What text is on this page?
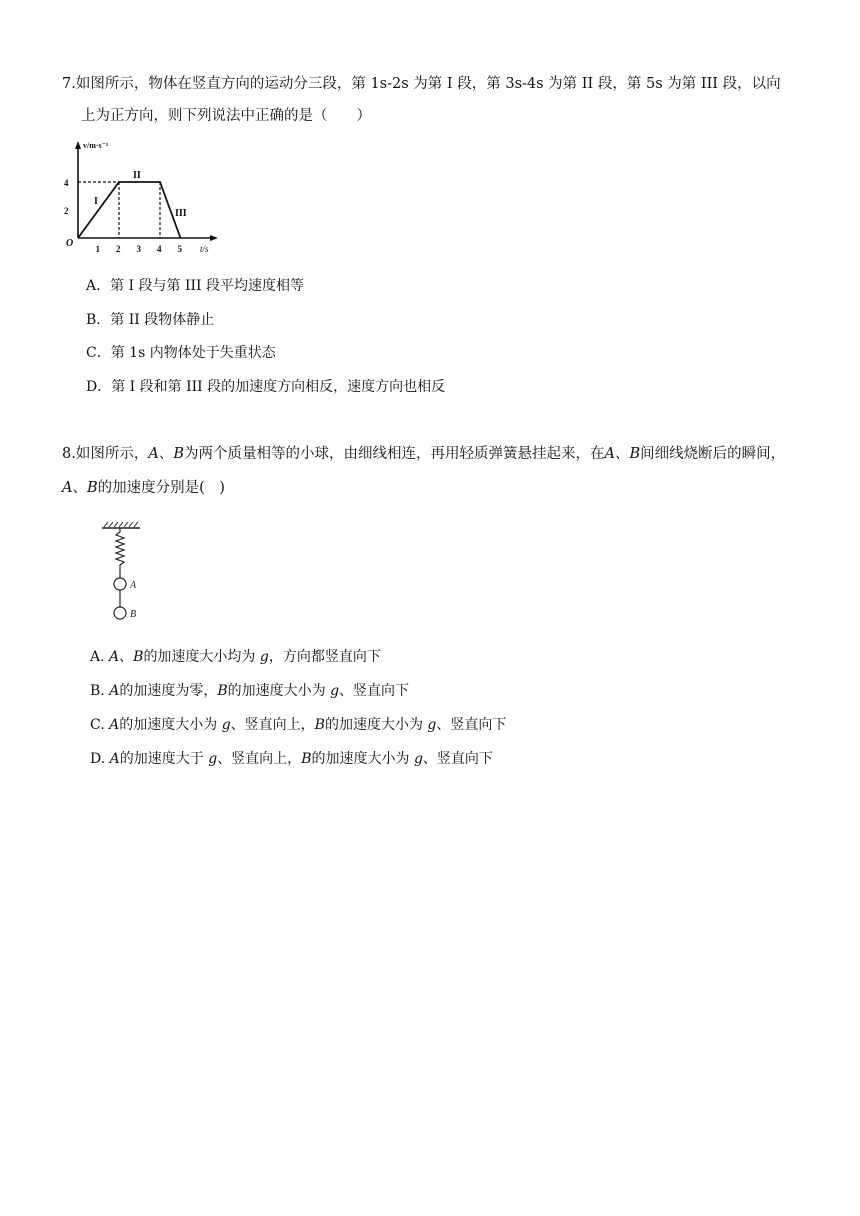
7.如图所示，物体在竖直方向的运动分三段，第 1s-2s 为第 I 段，第 3s-4s 为第 II 段，第 5s 为第 III 段，以向
上为正方向，则下列说法中正确的是（　　）
v/m·s⁻¹
t/s
O 1 2 3 4 5
2
4
I
II
III
A．第 I 段与第 III 段平均速度相等
B．第 II 段物体静止
C．第 1s 内物体处于失重状态
D．第 I 段和第 III 段的加速度方向相反，速度方向也相反
8.如图所示，A、B为两个质量相等的小球，由细线相连，再用轻质弹簧悬挂起来，在A、B间细线烧断后的瞬间，
A、B的加速度分别是(　)
A
B
A. A、B的加速度大小均为 g，方向都竖直向下
B. A的加速度为零，B的加速度大小为 g、竖直向下
C. A的加速度大小为 g、竖直向上，B的加速度大小为 g、竖直向下
D. A的加速度大于 g、竖直向上，B的加速度大小为 g、竖直向下
